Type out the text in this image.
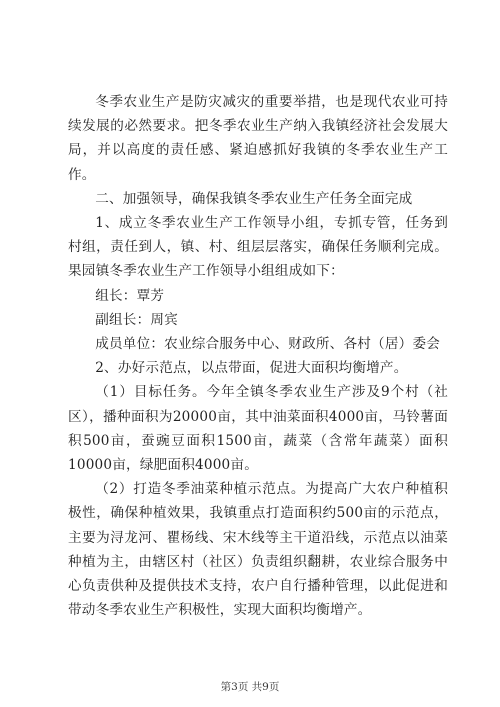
冬季农业生产是防灾减灾的重要举措，也是现代农业可持续发展的必然要求。把冬季农业生产纳入我镇经济社会发展大局，并以高度的责任感、紧迫感抓好我镇的冬季农业生产工作。

二、加强领导，确保我镇冬季农业生产任务全面完成

1、成立冬季农业生产工作领导小组，专抓专管，任务到村组，责任到人，镇、村、组层层落实，确保任务顺利完成。果园镇冬季农业生产工作领导小组组成如下：

组长：覃芳

副组长：周宾

成员单位：农业综合服务中心、财政所、各村（居）委会

2、办好示范点，以点带面，促进大面积均衡增产。

（1）目标任务。今年全镇冬季农业生产涉及9个村（社区），播种面积为20000亩，其中油菜面积4000亩，马铃薯面积500亩，蚕豌豆面积1500亩，蔬菜（含常年蔬菜）面积10000亩，绿肥面积4000亩。

（2）打造冬季油菜种植示范点。为提高广大农户种植积极性，确保种植效果，我镇重点打造面积约500亩的示范点，主要为浔龙河、瞿杨线、宋木线等主干道沿线，示范点以油菜种植为主，由辖区村（社区）负责组织翻耕，农业综合服务中心负责供种及提供技术支持，农户自行播种管理，以此促进和带动冬季农业生产积极性，实现大面积均衡增产。

第3页 共9页
